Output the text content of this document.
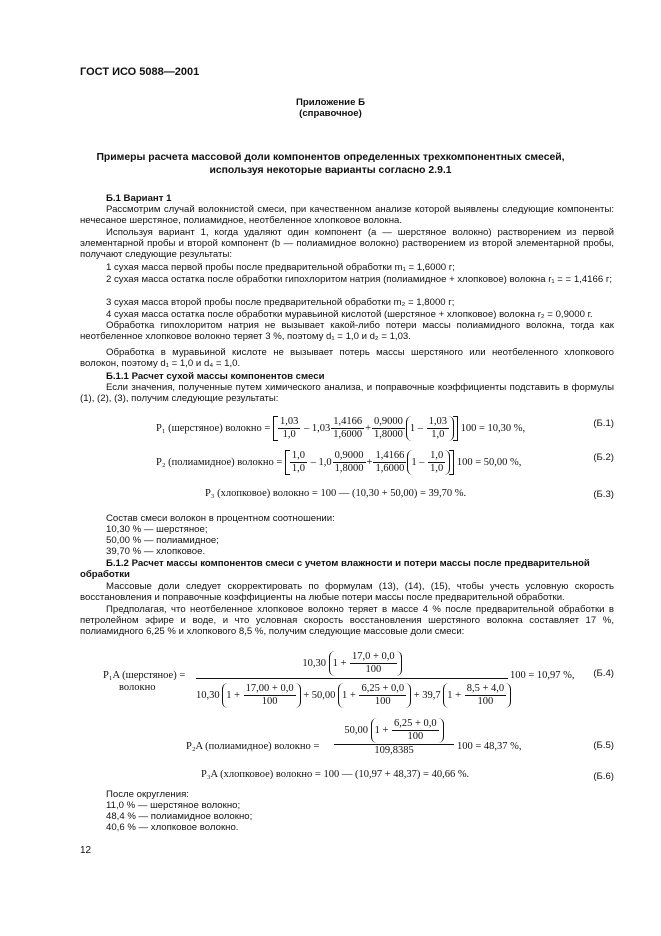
ГОСТ ИСО 5088—2001
Приложение Б
(справочное)
Примеры расчета массовой доли компонентов определенных трехкомпонентных смесей,
используя некоторые варианты согласно 2.9.1
Б.1 Вариант 1
Рассмотрим случай волокнистой смеси, при качественном анализе которой выявлены следующие компоненты: нечесаное шерстяное, полиамидное, неотбеленное хлопковое волокна.
Используя вариант 1, когда удаляют один компонент (a — шерстяное волокно) растворением из первой элементарной пробы и второй компонент (b — полиамидное волокно) растворением из второй элементарной пробы, получают следующие результаты:
1 сухая масса первой пробы после предварительной обработки m₁ = 1,6000 г;
2 сухая масса остатка после обработки гипохлоритом натрия (полиамидное + хлопковое) волокна r₁ = = 1,4166 г;
3 сухая масса второй пробы после предварительной обработки m₂ = 1,8000 г;
4 сухая масса остатка после обработки муравьиной кислотой (шерстяное + хлопковое) волокна r₂ = 0,9000 г.
Обработка гипохлоритом натрия не вызывает какой-либо потери массы полиамидного волокна, тогда как неотбеленное хлопковое волокно теряет 3 %, поэтому d₁ = 1,0 и d₂ = 1,03.
Обработка в муравьиной кислоте не вызывает потерь массы шерстяного или неотбеленного хлопкового волокон, поэтому d₁ = 1,0 и d₄ = 1,0.
Б.1.1 Расчет сухой массы компонентов смеси
Если значения, полученные путем химического анализа, и поправочные коэффициенты подставить в формулы (1), (2), (3), получим следующие результаты:
P₁ (шерстяное) волокно = $\frac{1,03}{1,0} - 1,03 \frac{1,4166}{1,6000} + \frac{0,9000}{1,8000} 1 - \frac{1,03}{1,0} 100 = 10,30$ %,	(Б.1)
P₂ (полиамидное) волокно = $\frac{1,0}{1,0} - 1,0 \frac{0,9000}{1,8000} + \frac{1,4166}{1,6000} 1 - \frac{1,0}{1,0} 100 = 50,00$ %,	(Б.2)
P₃ (хлопковое) волокно = 100 — (10,30 + 50,00) = 39,70 %.	(Б.3)
Состав смеси волокон в процентном соотношении:
10,30 % — шерстяное;
50,00 % — полиамидное;
39,70 % — хлопковое.
Б.1.2 Расчет массы компонентов смеси с учетом влажности и потери массы после предварительной
обработки
Массовые доли следует скорректировать по формулам (13), (14), (15), чтобы учесть условную скорость восстановления и поправочные коэффициенты на любые потери массы после предварительной обработки.
Предполагая, что неотбеленное хлопковое волокно теряет в массе 4 % после предварительной обработки в петролейном эфире и воде, и что условная скорость восстановления шерстяного волокна составляет 17 %, полиамидного 6,25 % и хлопкового 8,5 %, получим следующие массовые доли смеси:
P₁A (шерстяное) =
волокно
10,30 1 +
$\frac{17,0 + 0,0}{100}$
10,30 1 +
$\frac{17,00 + 0,0}{100} + 50,00$ 1 +
$\frac{6,25 + 0,0}{100} + 39,7$ 1 +
$\frac{8,5 + 4,0}{100}$
100 = 10,97 %, (Б.4)
P₂A (полиамидное) волокно =
50,00 1 +
$\frac{6,25 + 0,0}{100}$
109,8385	100 = 48,37 %,	(Б.5)
P₃A (хлопковое) волокно = 100 — (10,97 + 48,37) = 40,66 %.	(Б.6)
После округления:
11,0 % — шерстяное волокно;
48,4 % — полиамидное волокно;
40,6 % — хлопковое волокно.
12
